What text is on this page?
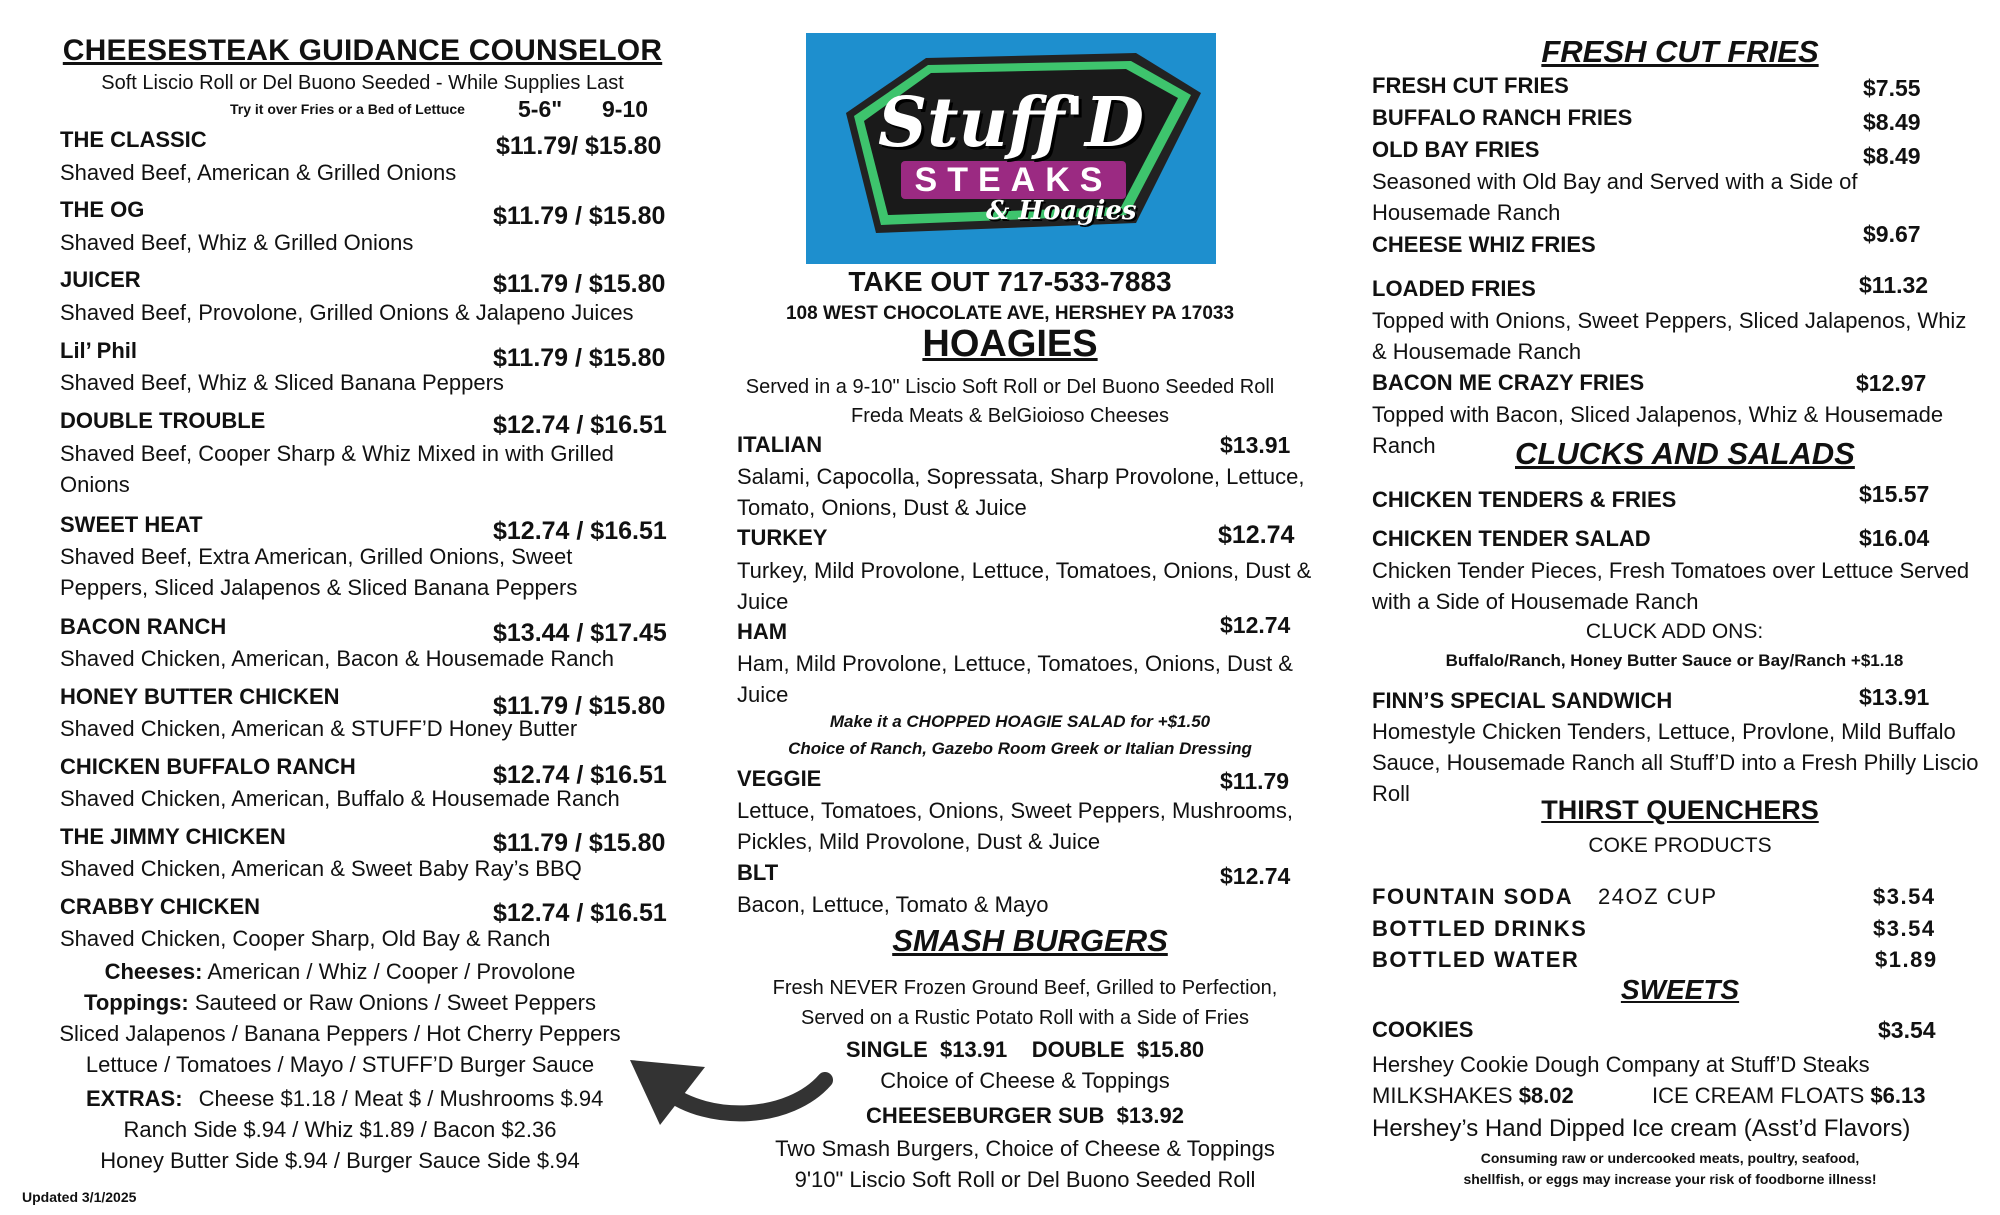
CHEESESTEAK GUIDANCE COUNSELOR
Soft Liscio Roll or Del Buono Seeded - While Supplies Last
Try it over Fries or a Bed of Lettuce 5-6" 9-10
THE CLASSIC	$11.79/ $15.80
Shaved Beef, American & Grilled Onions
THE OG	$11.79 / $15.80
Shaved Beef, Whiz & Grilled Onions
JUICER	$11.79 / $15.80
Shaved Beef, Provolone, Grilled Onions & Jalapeno Juices
Lil’ Phil	$11.79 / $15.80
Shaved Beef, Whiz & Sliced Banana Peppers
DOUBLE TROUBLE	$12.74 / $16.51
Shaved Beef, Cooper Sharp & Whiz Mixed in with Grilled Onions
SWEET HEAT	$12.74 / $16.51
Shaved Beef, Extra American, Grilled Onions, Sweet Peppers, Sliced Jalapenos & Sliced Banana Peppers
BACON RANCH	$13.44 / $17.45
Shaved Chicken, American, Bacon & Housemade Ranch
HONEY BUTTER CHICKEN	$11.79 / $15.80
Shaved Chicken, American & STUFF’D Honey Butter
CHICKEN BUFFALO RANCH	$12.74 / $16.51
Shaved Chicken, American, Buffalo & Housemade Ranch
THE JIMMY CHICKEN	$11.79 / $15.80
Shaved Chicken, American & Sweet Baby Ray’s BBQ
CRABBY CHICKEN	$12.74 / $16.51
Shaved Chicken, Cooper Sharp, Old Bay & Ranch
Cheeses: American / Whiz / Cooper / Provolone
Toppings: Sauteed or Raw Onions / Sweet Peppers
Sliced Jalapenos / Banana Peppers / Hot Cherry Peppers
Lettuce / Tomatoes / Mayo / STUFF’D Burger Sauce
EXTRAS: Cheese $1.18 / Meat $ / Mushrooms $.94
Ranch Side $.94 / Whiz $1.89 / Bacon $2.36
Honey Butter Side $.94 / Burger Sauce Side $.94
Updated 3/1/2025
Stuff'D
STEAKS
& Hoagies
TAKE OUT 717-533-7883
108 WEST CHOCOLATE AVE, HERSHEY PA 17033
HOAGIES
Served in a 9-10" Liscio Soft Roll or Del Buono Seeded Roll
Freda Meats & BelGioioso Cheeses
ITALIAN	$13.91
Salami, Capocolla, Sopressata, Sharp Provolone, Lettuce, Tomato, Onions, Dust & Juice
TURKEY	$12.74
Turkey, Mild Provolone, Lettuce, Tomatoes, Onions, Dust & Juice
HAM	$12.74
Ham, Mild Provolone, Lettuce, Tomatoes, Onions, Dust & Juice
Make it a CHOPPED HOAGIE SALAD for +$1.50
Choice of Ranch, Gazebo Room Greek or Italian Dressing
VEGGIE	$11.79
Lettuce, Tomatoes, Onions, Sweet Peppers, Mushrooms, Pickles, Mild Provolone, Dust & Juice
BLT	$12.74
Bacon, Lettuce, Tomato & Mayo
SMASH BURGERS
Fresh NEVER Frozen Ground Beef, Grilled to Perfection,
Served on a Rustic Potato Roll with a Side of Fries
SINGLE  $13.91    DOUBLE  $15.80
Choice of Cheese & Toppings
CHEESEBURGER SUB  $13.92
Two Smash Burgers, Choice of Cheese & Toppings
9'10" Liscio Soft Roll or Del Buono Seeded Roll
FRESH CUT FRIES
FRESH CUT FRIES	$7.55
BUFFALO RANCH FRIES	$8.49
OLD BAY FRIES	$8.49
Seasoned with Old Bay and Served with a Side of Housemade Ranch
CHEESE WHIZ FRIES	$9.67
LOADED FRIES	$11.32
Topped with Onions, Sweet Peppers, Sliced Jalapenos, Whiz & Housemade Ranch
BACON ME CRAZY FRIES	$12.97
Topped with Bacon, Sliced Jalapenos, Whiz & Housemade Ranch	CLUCKS AND SALADS
CHICKEN TENDERS & FRIES	$15.57
CHICKEN TENDER SALAD	$16.04
Chicken Tender Pieces, Fresh Tomatoes over Lettuce Served with a Side of Housemade Ranch
CLUCK ADD ONS:
Buffalo/Ranch, Honey Butter Sauce or Bay/Ranch +$1.18
FINN’S SPECIAL SANDWICH	$13.91
Homestyle Chicken Tenders, Lettuce, Provlone, Mild Buffalo Sauce, Housemade Ranch all Stuff’D into a Fresh Philly Liscio Roll
THIRST QUENCHERS
COKE PRODUCTS
FOUNTAIN SODA 24OZ CUP	$3.54
BOTTLED DRINKS	$3.54
BOTTLED WATER	$1.89
SWEETS
COOKIES	$3.54
Hershey Cookie Dough Company at Stuff’D Steaks
MILKSHAKES $8.02	ICE CREAM FLOATS $6.13
Hershey’s Hand Dipped Ice cream (Asst’d Flavors)
Consuming raw or undercooked meats, poultry, seafood,
shellfish, or eggs may increase your risk of foodborne illness!
